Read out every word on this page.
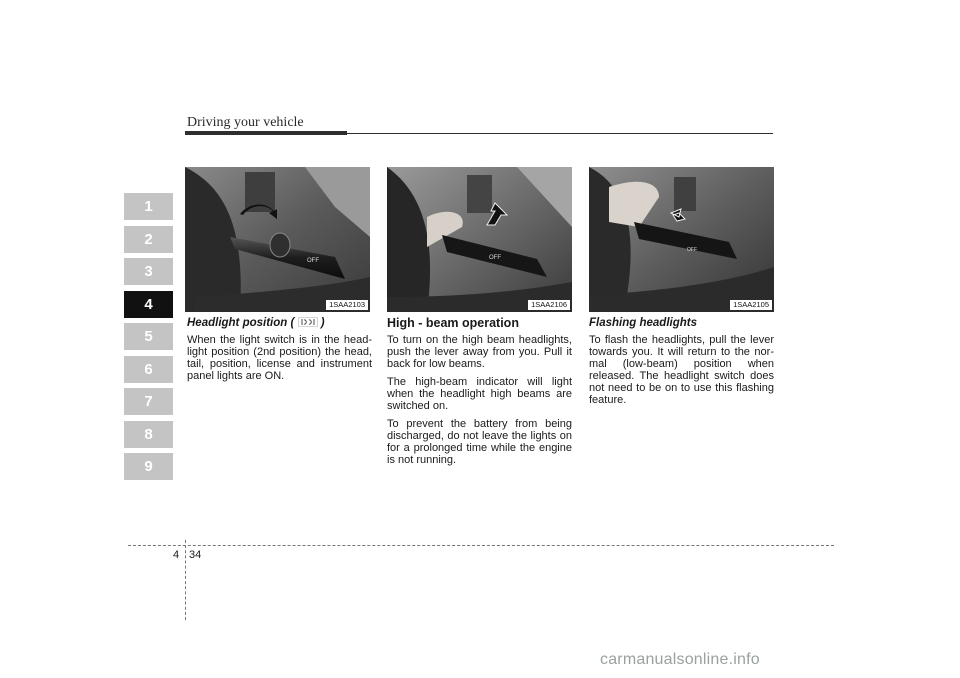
Driving your vehicle
1
2
3
4
5
6
7
8
9
OFF
1SAA2103
OFF
1SAA2106
OFF
1SAA2105
Headlight position ( )

When the light switch is in the head-light position (2nd position) the head, tail, position, license and instrument panel lights are ON.

High - beam operation

To turn on the high beam headlights, push the lever away from you. Pull it back for low beams.

The high-beam indicator will light when the headlight high beams are switched on.

To prevent the battery from being discharged, do not leave the lights on for a prolonged time while the engine is not running.

Flashing headlights

To flash the headlights, pull the lever towards you. It will return to the nor-mal (low-beam) position when released. The headlight switch does not need to be on to use this flashing feature.

4 34
carmanualsonline.info
